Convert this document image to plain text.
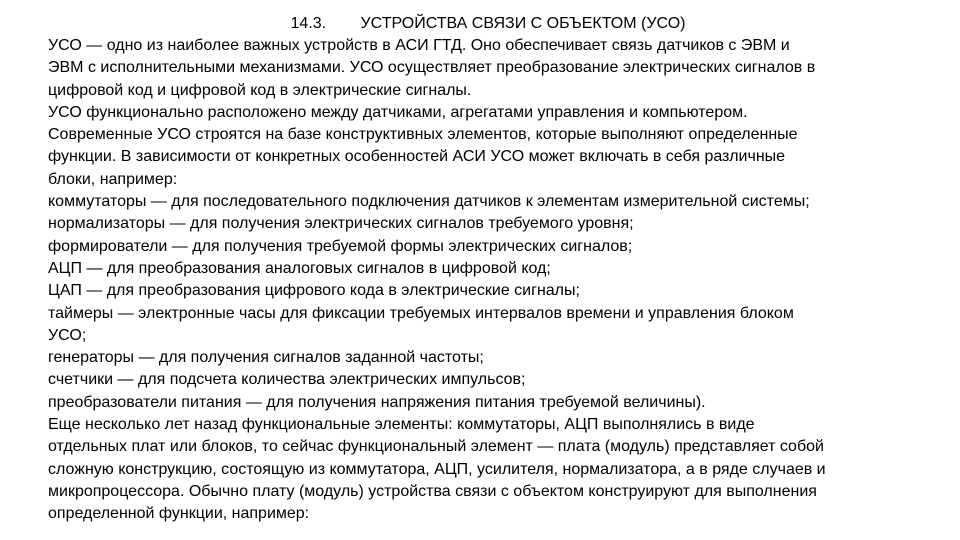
14.3. УСТРОЙСТВА СВЯЗИ С ОБЪЕКТОМ (УСО)

УСО — одно из наиболее важных устройств в АСИ ГТД. Оно обеспечивает связь датчиков с ЭВМ и

ЭВМ с исполнительными механизмами. УСО осуществляет преобразование электрических сигналов в

цифровой код и цифровой код в электрические сигналы.

УСО функционально расположено между датчиками, агрегатами управления и компьютером.

Современные УСО строятся на базе конструктивных элементов, которые выполняют определенные

функции. В зависимости от конкретных особенностей АСИ УСО может включать в себя различные

блоки, например:

коммутаторы — для последовательного подключения датчиков к элементам измерительной системы;

нормализаторы — для получения электрических сигналов требуемого уровня;

формирователи — для получения требуемой формы электрических сигналов;

АЦП — для преобразования аналоговых сигналов в цифровой код;

ЦАП — для преобразования цифрового кода в электрические сигналы;

таймеры — электронные часы для фиксации требуемых интервалов времени и управления блоком

УСО;

генераторы — для получения сигналов заданной частоты;

счетчики — для подсчета количества электрических импульсов;

преобразователи питания — для получения напряжения питания требуемой величины).

Еще несколько лет назад функциональные элементы: коммутаторы, АЦП выполнялись в виде

отдельных плат или блоков, то сейчас функциональный элемент — плата (модуль) представляет собой

сложную конструкцию, состоящую из коммутатора, АЦП, усилителя, нормализатора, а в ряде случаев и

микропроцессора. Обычно плату (модуль) устройства связи с объектом конструируют для выполнения

определенной функции, например:
